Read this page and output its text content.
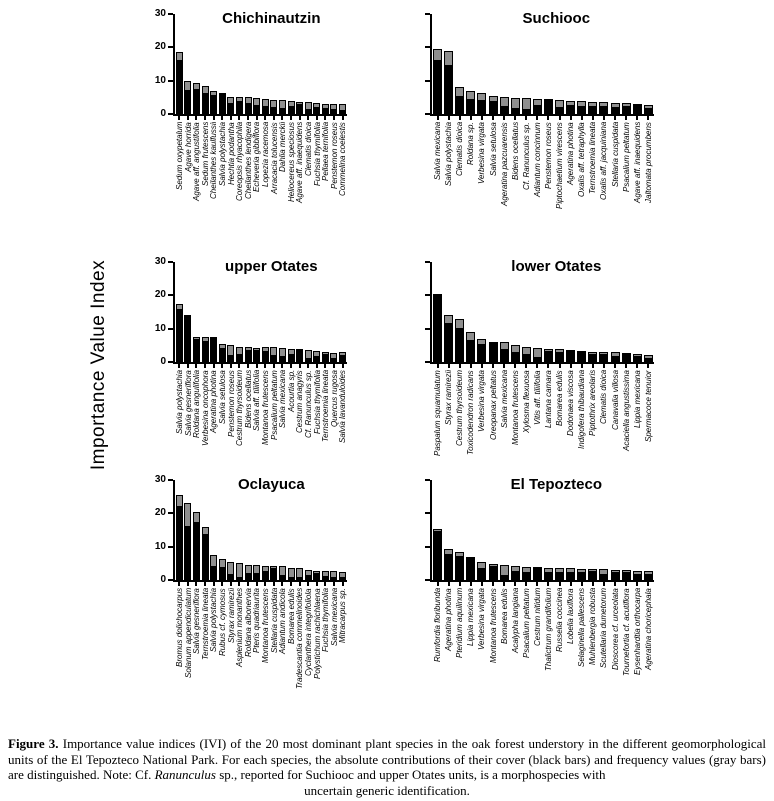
Importance Value Index
0
10
20
30	Chichinautzin
Sedum oxypetalum Agave horrida Agave aff. angustifolia Sedum frutescens Cheilanthes kaulfussii Salvia polystachia Hechtia podantha Coreopsis rhyacophila Cheilanthes lendigera Echeveria gibbiflora Lopezia racemosa Arracacia tolucensis Dahlia merckii Heliocereus speciosus Agave aff. inaequidens Clematis dioica Fuchsia thymifolia Pellaea ternifolia Penstemon roseus Commelina coelestis
Suchiooc
Salvia mexicana Salvia polystachia Clematis dioica Roldana sp. Verbesina virgata Salvia setulosa Ageratina pazcuarensis Bidens ocellatus Cf. Ranunculus sp. Adiantum concinnum Penstemon roseus Piptochaetium virescens Ageratina photina Oxalis aff. tetraphylla Ternstroemia lineata Oxalis aff. jacquiniana Stellaria cuspidata Psacalium peltatum Agave aff. inaequidens Jaltomata procumbens
0
10
20
30	upper Otates
Salvia polystachia Salvia gesneriflora Roldana angulifolia Verbesina oncophora Ageratina photina Salvia setulosa Penstemon roseus Cestrum thyrsoideum Bidens ocellatus Salvia aff. tiliifolia Montanoa frutescens Psacalium peltatum Salvia mexicana Acourtia sp. Cestrum anagyris Cf. Ranunculus sp. Fuchsia thymifolia Ternstroemia lineata Quercus rugosa Salvia lavanduloides
lower Otates
Paspalum squamulatum Styrax ramirezii Cestrum thyrsoideum Toxicodendron radicans Verbesina virgata Oreopanax peltatus Salvia mexicana Montanoa frutescens Xylosma flexuosa Vitis aff. tiliifolia Lantana camara Bomarea edulis Dodonaea viscosa Indigofera thibaudiana Piptothrix areolaris Clematis dioica Canavalia villosa Acaciella angustissima Lippia mexicana Spermacoce tenuior
0
10
20
30	Oclayuca
Bromus dolichocarpus Solanum appendiculatum Salvia gesneriflora Ternstroemia lineata Salvia polystachia Rubus cf. cymosus Styrax ramirezii Asplenium monanthes Roldana albonervia Pteris quadriaurita Montanoa frutescens Stellaria cuspidata Adiantum andicola Bomarea edulis Tradescantia commelinoides Cyclanthera integrifoliola Polystichum rachichlaena Fuchsia thymifolia Salvia mexicana Mitracarpus sp.
El Tepozteco
Rumfordia floribunda Ageratina photina Pteridium aquilinum Lippia mexicana Verbesina virgata Montanoa frutescens Bomarea edulis Acalypha langiana Psacalium peltatum Cestrum nitidum Thalictrum grandifolium Russelia coccinea Lobelia laxiflora Selaginella pallescens Muhlenbergia robusta Scutellaria dumetorum Dioscorea cf. urceolata Tournefortia cf. acutiflora Eysenhardtia orthocarpa Ageratina choricephala
Figure 3. Importance value indices (IVI) of the 20 most dominant plant species in the oak forest understory in the different geomorphological units of the El Tepozteco National Park. For each species, the absolute contributions of their cover (black bars) and frequency values (gray bars) are distinguished. Note: Cf. Ranunculus sp., reported for Suchiooc and upper Otates units, is a morphospecies with
uncertain generic identification.
